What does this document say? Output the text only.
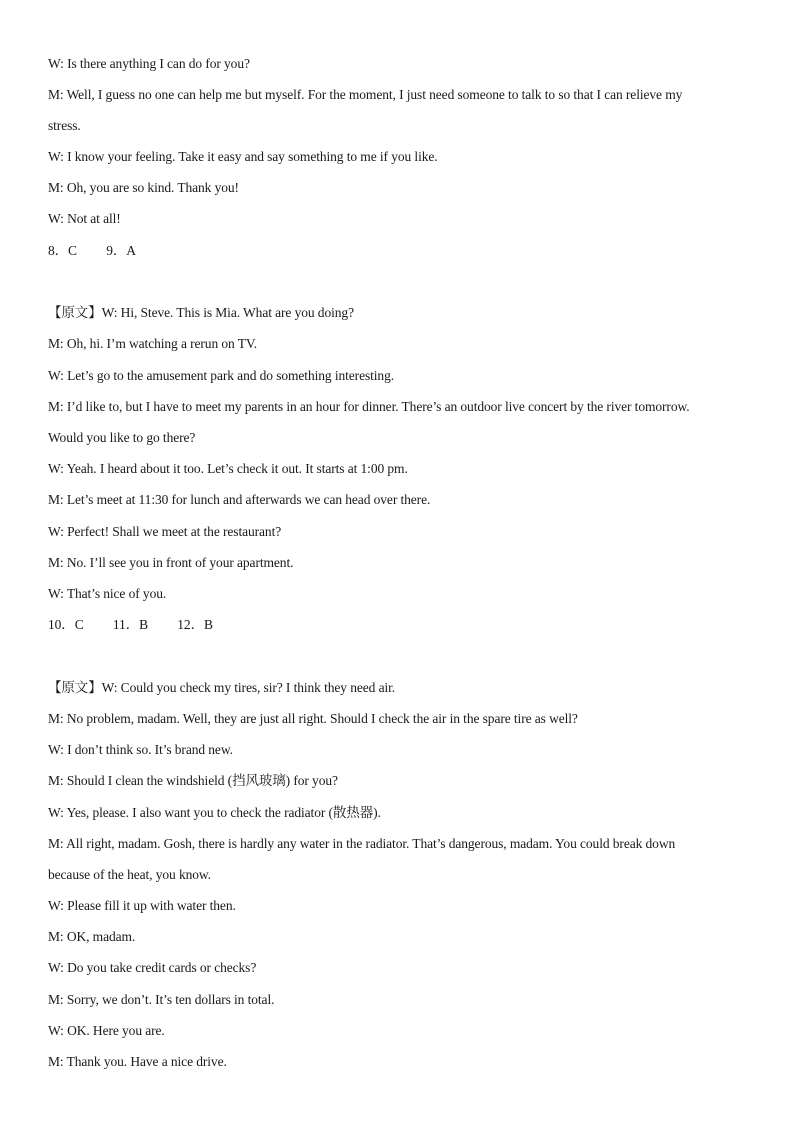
W: Is there anything I can do for you?
M: Well, I guess no one can help me but myself. For the moment, I just need someone to talk to so that I can relieve my
stress.
W: I know your feeling. Take it easy and say something to me if you like.
M: Oh, you are so kind. Thank you!
W: Not at all!
8．C 9．A
【原文】W: Hi, Steve. This is Mia. What are you doing?
M: Oh, hi. I’m watching a rerun on TV.
W: Let’s go to the amusement park and do something interesting.
M: I’d like to, but I have to meet my parents in an hour for dinner. There’s an outdoor live concert by the river tomorrow.
Would you like to go there?
W: Yeah. I heard about it too. Let’s check it out. It starts at 1:00 pm.
M: Let’s meet at 11:30 for lunch and afterwards we can head over there.
W: Perfect! Shall we meet at the restaurant?
M: No. I’ll see you in front of your apartment.
W: That’s nice of you.
10．C 11．B 12．B
【原文】W: Could you check my tires, sir? I think they need air.
M: No problem, madam. Well, they are just all right. Should I check the air in the spare tire as well?
W: I don’t think so. It’s brand new.
M: Should I clean the windshield (挡风玻璃) for you?
W: Yes, please. I also want you to check the radiator (散热器).
M: All right, madam. Gosh, there is hardly any water in the radiator. That’s dangerous, madam. You could break down
because of the heat, you know.
W: Please fill it up with water then.
M: OK, madam.
W: Do you take credit cards or checks?
M: Sorry, we don’t. It’s ten dollars in total.
W: OK. Here you are.
M: Thank you. Have a nice drive.
